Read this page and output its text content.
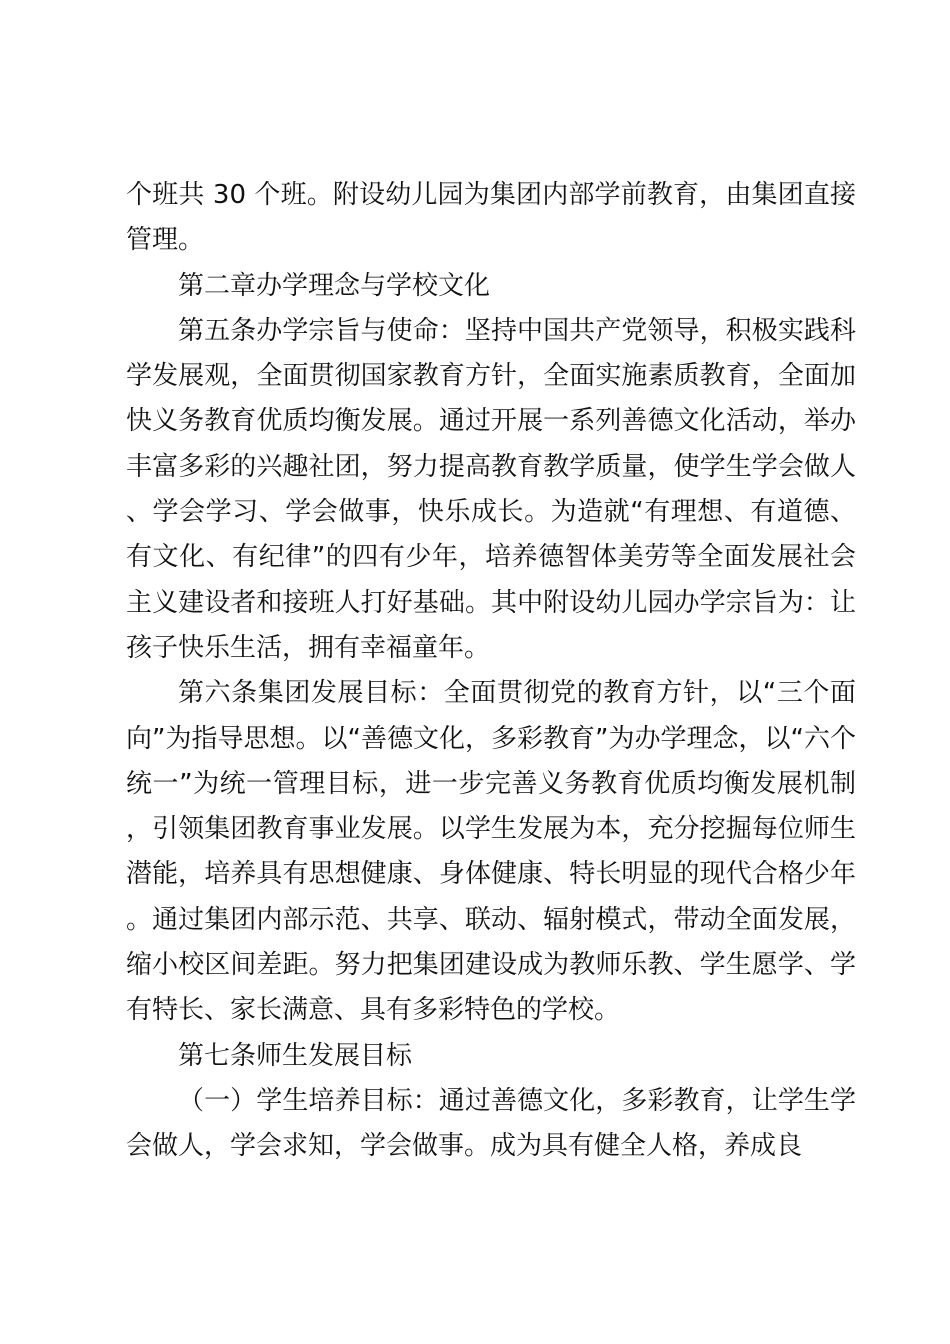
个班共 30 个班。附设幼儿园为集团内部学前教育，由集团直接管理。

第二章办学理念与学校文化

第五条办学宗旨与使命：坚持中国共产党领导，积极实践科学发展观，全面贯彻国家教育方针，全面实施素质教育，全面加快义务教育优质均衡发展。通过开展一系列善德文化活动，举办丰富多彩的兴趣社团，努力提高教育教学质量，使学生学会做人、学会学习、学会做事，快乐成长。为造就“有理想、有道德、有文化、有纪律”的四有少年，培养德智体美劳等全面发展社会主义建设者和接班人打好基础。其中附设幼儿园办学宗旨为：让孩子快乐生活，拥有幸福童年。

第六条集团发展目标：全面贯彻党的教育方针，以“三个面向”为指导思想。以“善德文化，多彩教育”为办学理念，以“六个统一”为统一管理目标，进一步完善义务教育优质均衡发展机制，引领集团教育事业发展。以学生发展为本，充分挖掘每位师生潜能，培养具有思想健康、身体健康、特长明显的现代合格少年。通过集团内部示范、共享、联动、辐射模式，带动全面发展，缩小校区间差距。努力把集团建设成为教师乐教、学生愿学、学有特长、家长满意、具有多彩特色的学校。

第七条师生发展目标

（一）学生培养目标：通过善德文化，多彩教育，让学生学会做人，学会求知，学会做事。成为具有健全人格，养成良
